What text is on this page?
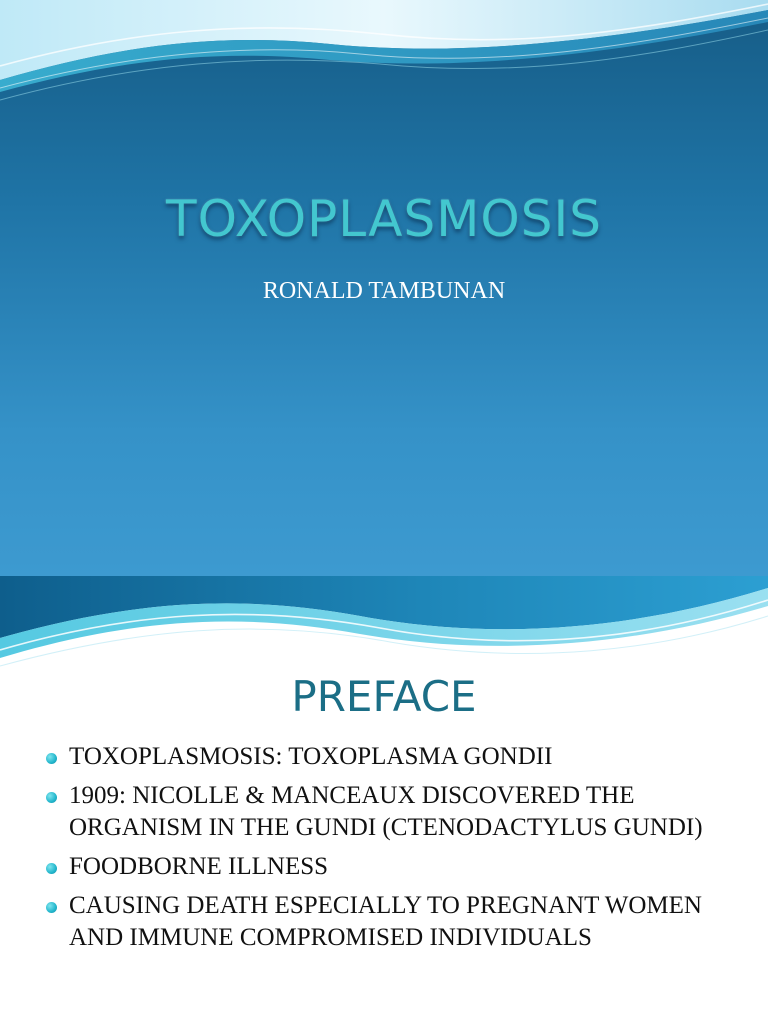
TOXOPLASMOSIS
RONALD TAMBUNAN
PREFACE
TOXOPLASMOSIS: TOXOPLASMA GONDII
1909: NICOLLE & MANCEAUX DISCOVERED THE ORGANISM IN THE GUNDI (CTENODACTYLUS GUNDI)
FOODBORNE ILLNESS
CAUSING DEATH ESPECIALLY TO PREGNANT WOMEN AND IMMUNE COMPROMISED INDIVIDUALS
